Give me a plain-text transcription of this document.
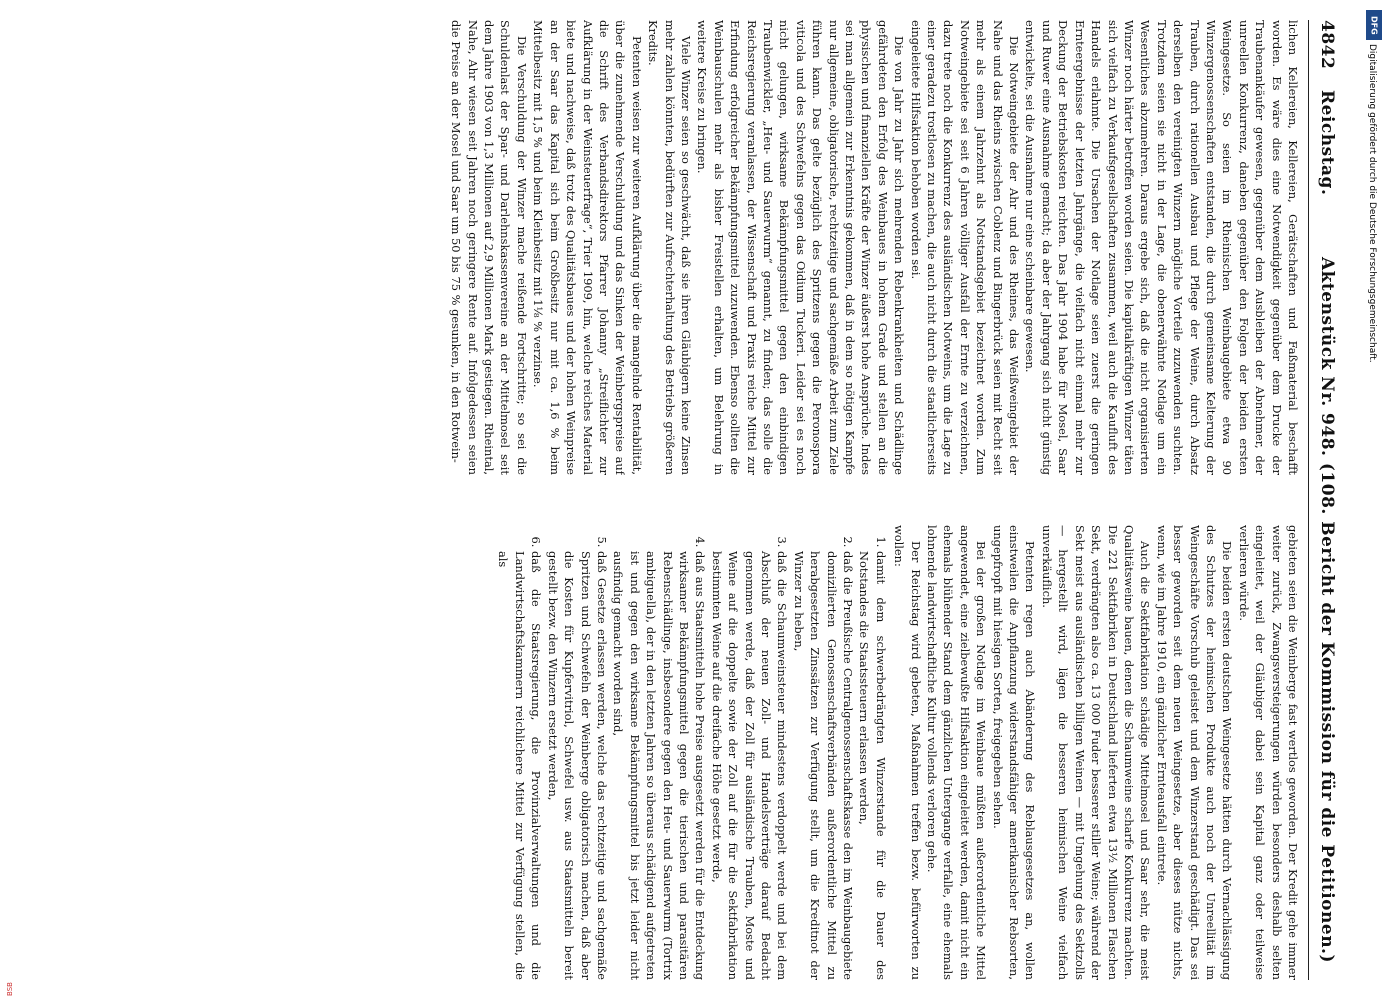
4842
Reichstag.
Aktenstück Nr. 948. (108. Bericht der Kommission für die Petitionen.)

lichen Kellereien, Kellereien, Gerätschaften und Faßmaterial beschafft worden. Es wäre dies eine Notwendigkeit gegenüber dem Drucke der Traubenankäufer gewesen, gegenüber dem Ausbleiben der Abnehmer, der unreellen Konkurrenz, daneben gegenüber den Folgen der beiden ersten Weingesetze. So seien im Rheinischen Weinbaugebiete etwa 90 Winzergenossenschaften entstanden, die durch gemeinsame Kelterung der Trauben, durch rationellen Ausbau und Pflege der Weine, durch Absatz derselben den vereinigten Winzern mögliche Vorteile zuzuwenden suchten. Trotzdem seien sie nicht in der Lage, die obenerwähnte Notlage um ein Wesentliches abzumehren. Daraus ergebe sich, daß die nicht organisierten Winzer noch härter betroffen worden seien. Die kapitalkräftigen Winzer täten sich vielfach zu Verkaufsgesellschaften zusammen, weil auch die Kaufluft des Handels erlahmte. Die Ursachen der Notlage seien zuerst die geringen Ernteergebnisse der letzten Jahrgänge, die vielfach nicht einmal mehr zur Deckung der Betriebskosten reichten. Das Jahr 1904 habe für Mosel, Saar und Ruwer eine Ausnahme gemacht; da aber der Jahrgang sich nicht günstig entwickelte, sei die Ausnahme nur eine scheinbare gewesen.

Die Notweingebiete der Ahr und des Rheines, das Weißweingebiet der Nahe und das Rheins zwischen Coblenz und Bingerbrück seien mit Recht seit mehr als einem Jahrzehnt als Notstandsgebiet bezeichnet worden. Zum Notweingebiete sei seit 6 Jahren völliger Ausfall der Ernte zu verzeichnen, dazu trete noch die Konkurrenz des ausländischen Notweins, um die Lage zu einer geradezu trostlosen zu machen, die auch nicht durch die staatlicherseits eingeleitete Hilfsaktion behoben worden sei.

Die von Jahr zu Jahr sich mehrenden Rebenkrankheiten und Schädlinge gefährdeten den Erfolg des Weinbaues in hohem Grade und stellen an die physischen und finanziellen Kräfte der Winzer äußerst hohe Ansprüche. Indes sei man allgemein zur Erkenntnis gekommen, daß in dem so nötigen Kampfe nur allgemeine, obligatorische, rechtzeitige und sachgemäße Arbeit zum Ziele führen kann. Das gelte bezüglich des Spritzens gegen die Peronospora viticola und des Schwefelns gegen das Oidium Tuckeri. Leider sei es noch nicht gelungen, wirksame Bekämpfungsmittel gegen den einbindigen Traubenwickler, „Heu- und Sauerwurm“ genannt, zu finden; das solle die Reichsregierung veranlassen, der Wissenschaft und Praxis reiche Mittel zur Erfindung erfolgreicher Bekämpfungsmittel zuzuwenden. Ebenso sollten die Weinbauschulen mehr als bisher Freistellen erhalten, um Belehrung in weitere Kreise zu bringen.

Viele Winzer seien so geschwächt, daß sie ihren Gläubigern keine Zinsen mehr zahlen könnten, bedürften zur Aufrechterhaltung des Betriebs größeren Kredits.

Petenten weisen zur weiteren Aufklärung über die mangelnde Rentabilität, über die zunehmende Verschuldung und das Sinken der Weinbergspreise auf die Schrift des Verbandsdirektors Pfarrer Johanny „Streiflichter zur Aufklärung in der Weinsteuerfrage“, Trier 1909, hin, welche reiches Material biete und nachweise, daß trotz des Qualitätsbaues und der hohen Weinpreise an der Saar das Kapital sich beim Großbesitz nur mit ca. 1,6 % beim Mittelbesitz mit 1,5 % und beim Kleinbesitz mit 1⅛ % verzinse.

Die Verschuldung der Winzer mache reißende Fortschritte; so sei die Schuldenlast der Spar- und Darlehnskassenvereine an der Mittelmosel seit dem Jahre 1903 von 1,3 Millionen auf 2,9 Millionen Mark gestiegen. Rheintal, Nahe, Ahr wiesen seit Jahren noch geringere Rente auf. Infolgedessen seien die Preise an der Mosel und Saar um 50 bis 75 % gesunken, in den Rotwein-

gebieten seien die Weinberge fast wertlos geworden. Der Kredit gehe immer weiter zurück, Zwangsversteigerungen würden besonders deshalb selten eingeleitet, weil der Gläubiger dabei sein Kapital ganz oder teilweise verlieren würde.

Die beiden ersten deutschen Weingesetze hätten durch Vernachlässigung des Schutzes der heimischen Produkte auch noch der Unreellität im Weingeschäfte Vorschub geleistet und dem Winzerstand geschädigt. Das sei besser geworden seit dem neuen Weingesetze, aber dieses nütze nichts, wenn, wie im Jahre 1910, ein gänzlicher Ernteausfall eintrete.

Auch die Sektfabrikation schädige Mittelmosel und Saar sehr, die meist Qualitätsweine bauen, denen die Schaumweine scharfe Konkurrenz machten. Die 221 Sektfabriken in Deutschland lieferten etwa 13½ Millionen Flaschen Sekt, verdrängten also ca. 13 000 Fuder besserer stiller Weine; während der Sekt meist aus ausländischen billigen Weinen — mit Umgehung des Sektzolls — hergestellt wird, lägen die besseren heimischen Weine vielfach unverkäuflich.

Petenten regen auch Abänderung des Reblausgesetzes an, wollen einstweilen die Anpflanzung widerstandsfähiger amerikanischer Rebsorten, ungepfropft mit hiesigen Sorten, freigegeben sehen.

Bei der großen Notlage im Weinbaue müßten außerordentliche Mittel angewendet, eine zielbewußte Hilfsaktion eingeleitet werden, damit nicht ein ehemals blühender Stand dem gänzlichen Untergange verfalle, eine ehemals lohnende landwirtschaftliche Kultur vollends verloren gehe.

Der Reichstag wird gebeten, Maßnahmen treffen bezw. befürworten zu wollen:

1. damit dem schwerbedrängten Winzerstande für die Dauer des Notstandes die Staatssteuern erlassen werden,
2. daß die Preußische Centralgenossenschaftskasse den im Weinbaugebiete domizilierten Genossenschaftsverbänden außerordentliche Mittel zu herabgesetzten Zinssätzen zur Verfügung stellt, um die Kreditnot der Winzer zu heben,
3. daß die Schaumweinsteuer mindestens verdoppelt werde und bei dem Abschluß der neuen Zoll- und Handelsverträge darauf Bedacht genommen werde, daß der Zoll für ausländische Trauben, Moste und Weine auf die doppelte sowie der Zoll auf die für die Sektfabrikation bestimmten Weine auf die dreifache Höhe gesetzt werde,
4. daß aus Staatsmitteln hohe Preise ausgesetzt werden für die Entdeckung wirksamer Bekämpfungsmittel gegen die tierischen und parasitären Rebenschädlinge, insbesondere gegen den Heu- und Sauerwurm (Tortrix ambiguella), der in den letzten Jahren so überaus schädigend aufgetreten ist und gegen den wirksame Bekämpfungsmittel bis jetzt leider nicht ausfindig gemacht worden sind,
5. daß Gesetze erlassen werden, welche das rechtzeitige und sachgemäße Spritzen und Schwefeln der Weinberge obligatorisch machen, daß aber die Kosten für Kupfervitriol, Schwefel usw. aus Staatsmitteln bereit gestellt bezw. den Winzern ersetzt werden,
6. daß die Staatsregierung, die Provinzialverwaltungen und die Landwirtschaftskammern reichlichere Mittel zur Verfügung stellen, die als
DFG
Digitalisierung gefördert durch die Deutsche Forschungsgemeinschaft.
BSB
